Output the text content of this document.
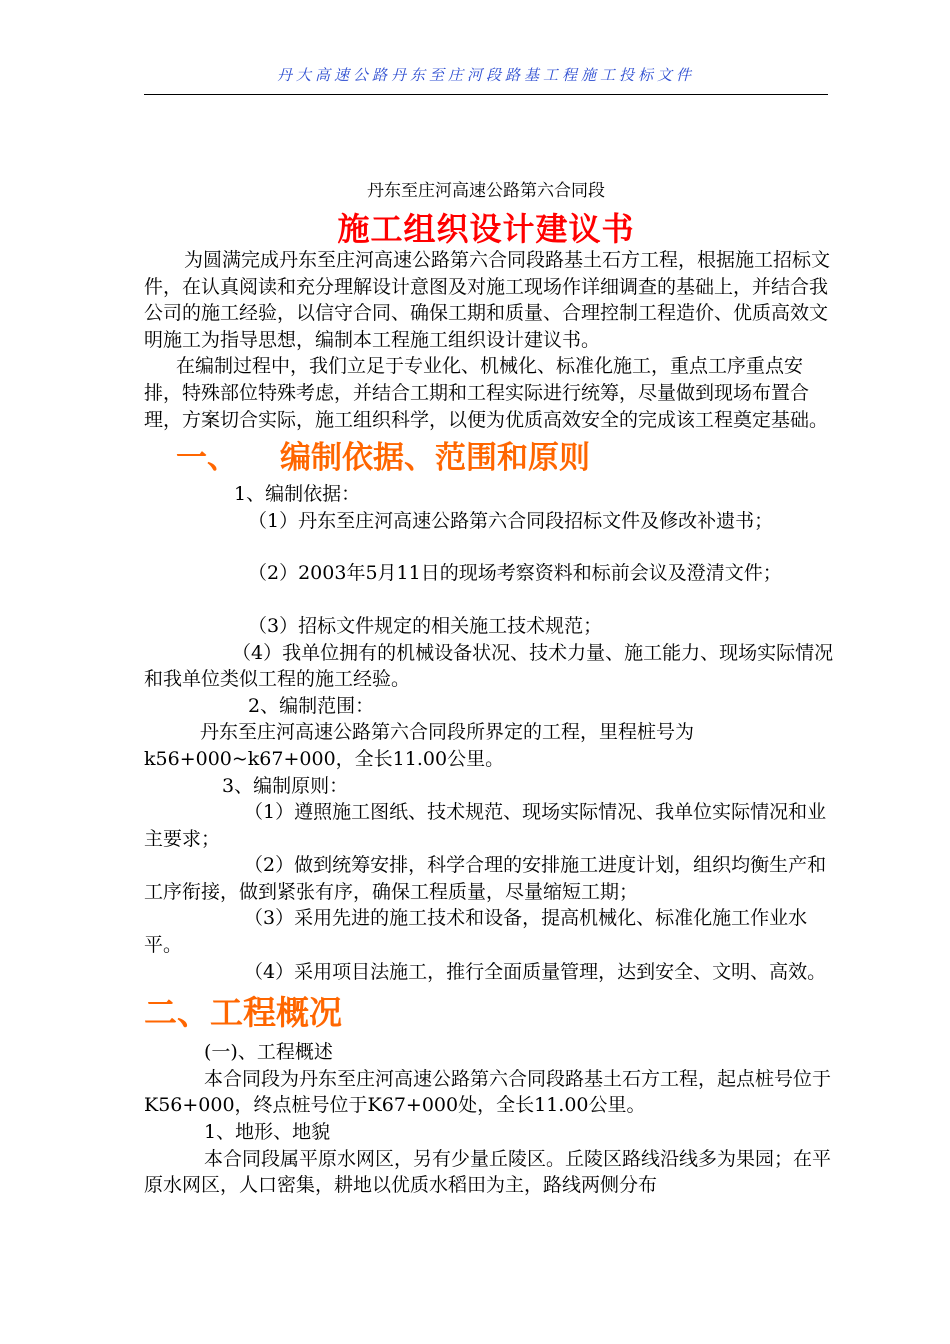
丹大高速公路丹东至庄河段路基工程施工投标文件
丹东至庄河高速公路第六合同段
施工组织设计建议书

为圆满完成丹东至庄河高速公路第六合同段路基土石方工程，根据施工招标文件，在认真阅读和充分理解设计意图及对施工现场作详细调查的基础上，并结合我公司的施工经验，以信守合同、确保工期和质量、合理控制工程造价、优质高效文明施工为指导思想，编制本工程施工组织设计建议书。

在编制过程中，我们立足于专业化、机械化、标准化施工，重点工序重点安排，特殊部位特殊考虑，并结合工期和工程实际进行统筹，尽量做到现场布置合理，方案切合实际，施工组织科学，以便为优质高效安全的完成该工程奠定基础。

一、 编制依据、范围和原则

1、编制依据：

（1）丹东至庄河高速公路第六合同段招标文件及修改补遗书；

（2）2003年5月11日的现场考察资料和标前会议及澄清文件；

（3）招标文件规定的相关施工技术规范；

（4）我单位拥有的机械设备状况、技术力量、施工能力、现场实际情况和我单位类似工程的施工经验。

2、编制范围：

丹东至庄河高速公路第六合同段所界定的工程，里程桩号为k56+000~k67+000，全长11.00公里。

3、编制原则：

（1）遵照施工图纸、技术规范、现场实际情况、我单位实际情况和业主要求；

（2）做到统筹安排，科学合理的安排施工进度计划，组织均衡生产和工序衔接，做到紧张有序，确保工程质量，尽量缩短工期；

（3）采用先进的施工技术和设备，提高机械化、标准化施工作业水平。

（4）采用项目法施工，推行全面质量管理，达到安全、文明、高效。

二、工程概况

(一)、工程概述

本合同段为丹东至庄河高速公路第六合同段路基土石方工程，起点桩号位于K56+000，终点桩号位于K67+000处，全长11.00公里。

1、地形、地貌

本合同段属平原水网区，另有少量丘陵区。丘陵区路线沿线多为果园；在平原水网区，人口密集，耕地以优质水稻田为主，路线两侧分布
